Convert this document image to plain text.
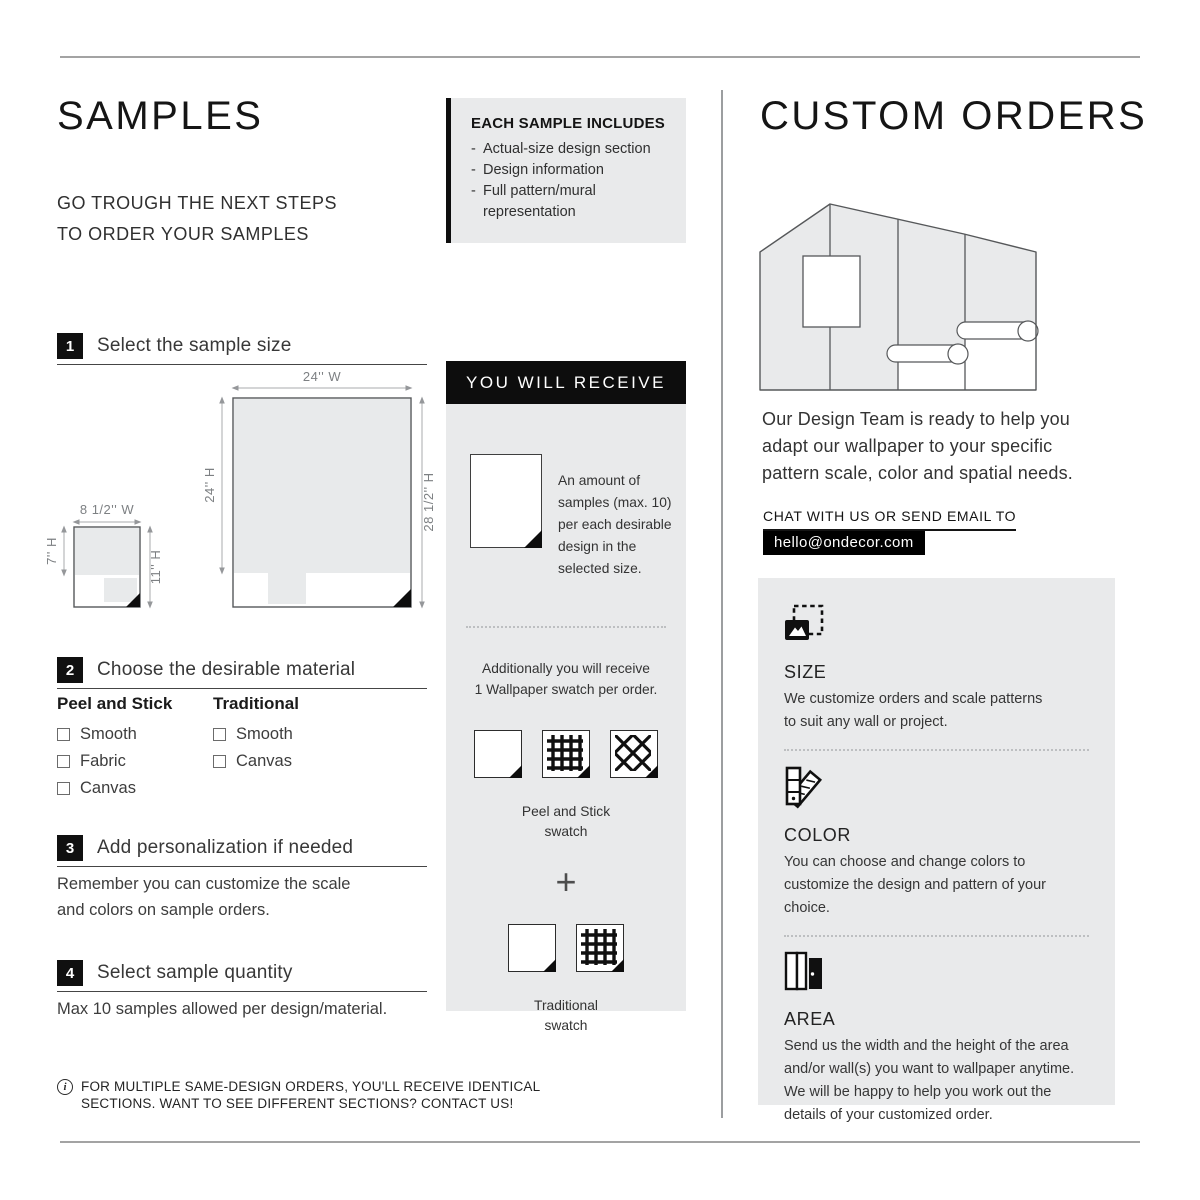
SAMPLES
GO TROUGH THE NEXT STEPS
TO ORDER YOUR SAMPLES
1	Select the sample size
24'' W
24'' H	28 1/2'' H
8 1/2'' W
7'' H	11'' H
2	Choose the desirable material
Peel and Stick
Smooth
Fabric
Canvas
Traditional
Smooth
Canvas
3	Add personalization if needed
Remember you can customize the scale
and colors on sample orders.
4	Select sample quantity
Max 10 samples allowed per design/material.
i	FOR MULTIPLE SAME-DESIGN ORDERS, YOU'LL RECEIVE IDENTICAL
SECTIONS. WANT TO SEE DIFFERENT SECTIONS? CONTACT US!
EACH SAMPLE INCLUDES
- Actual-size design section
- Design information
- Full pattern/mural representation
YOU WILL RECEIVE
An amount of
samples (max. 10)
per each desirable
design in the
selected size.
Additionally you will receive
1 Wallpaper swatch per order.
Peel and Stick
swatch
+
Traditional
swatch
CUSTOM ORDERS
Our Design Team is ready to help you
adapt our wallpaper to your specific
pattern scale, color and spatial needs.
CHAT WITH US OR SEND EMAIL TO
hello@ondecor.com
SIZE
We customize orders and scale patterns
to suit any wall or project.
COLOR
You can choose and change colors to
customize the design and pattern of your
choice.
AREA
Send us the width and the height of the area
and/or wall(s) you want to wallpaper anytime.
We will be happy to help you work out the
details of your customized order.
